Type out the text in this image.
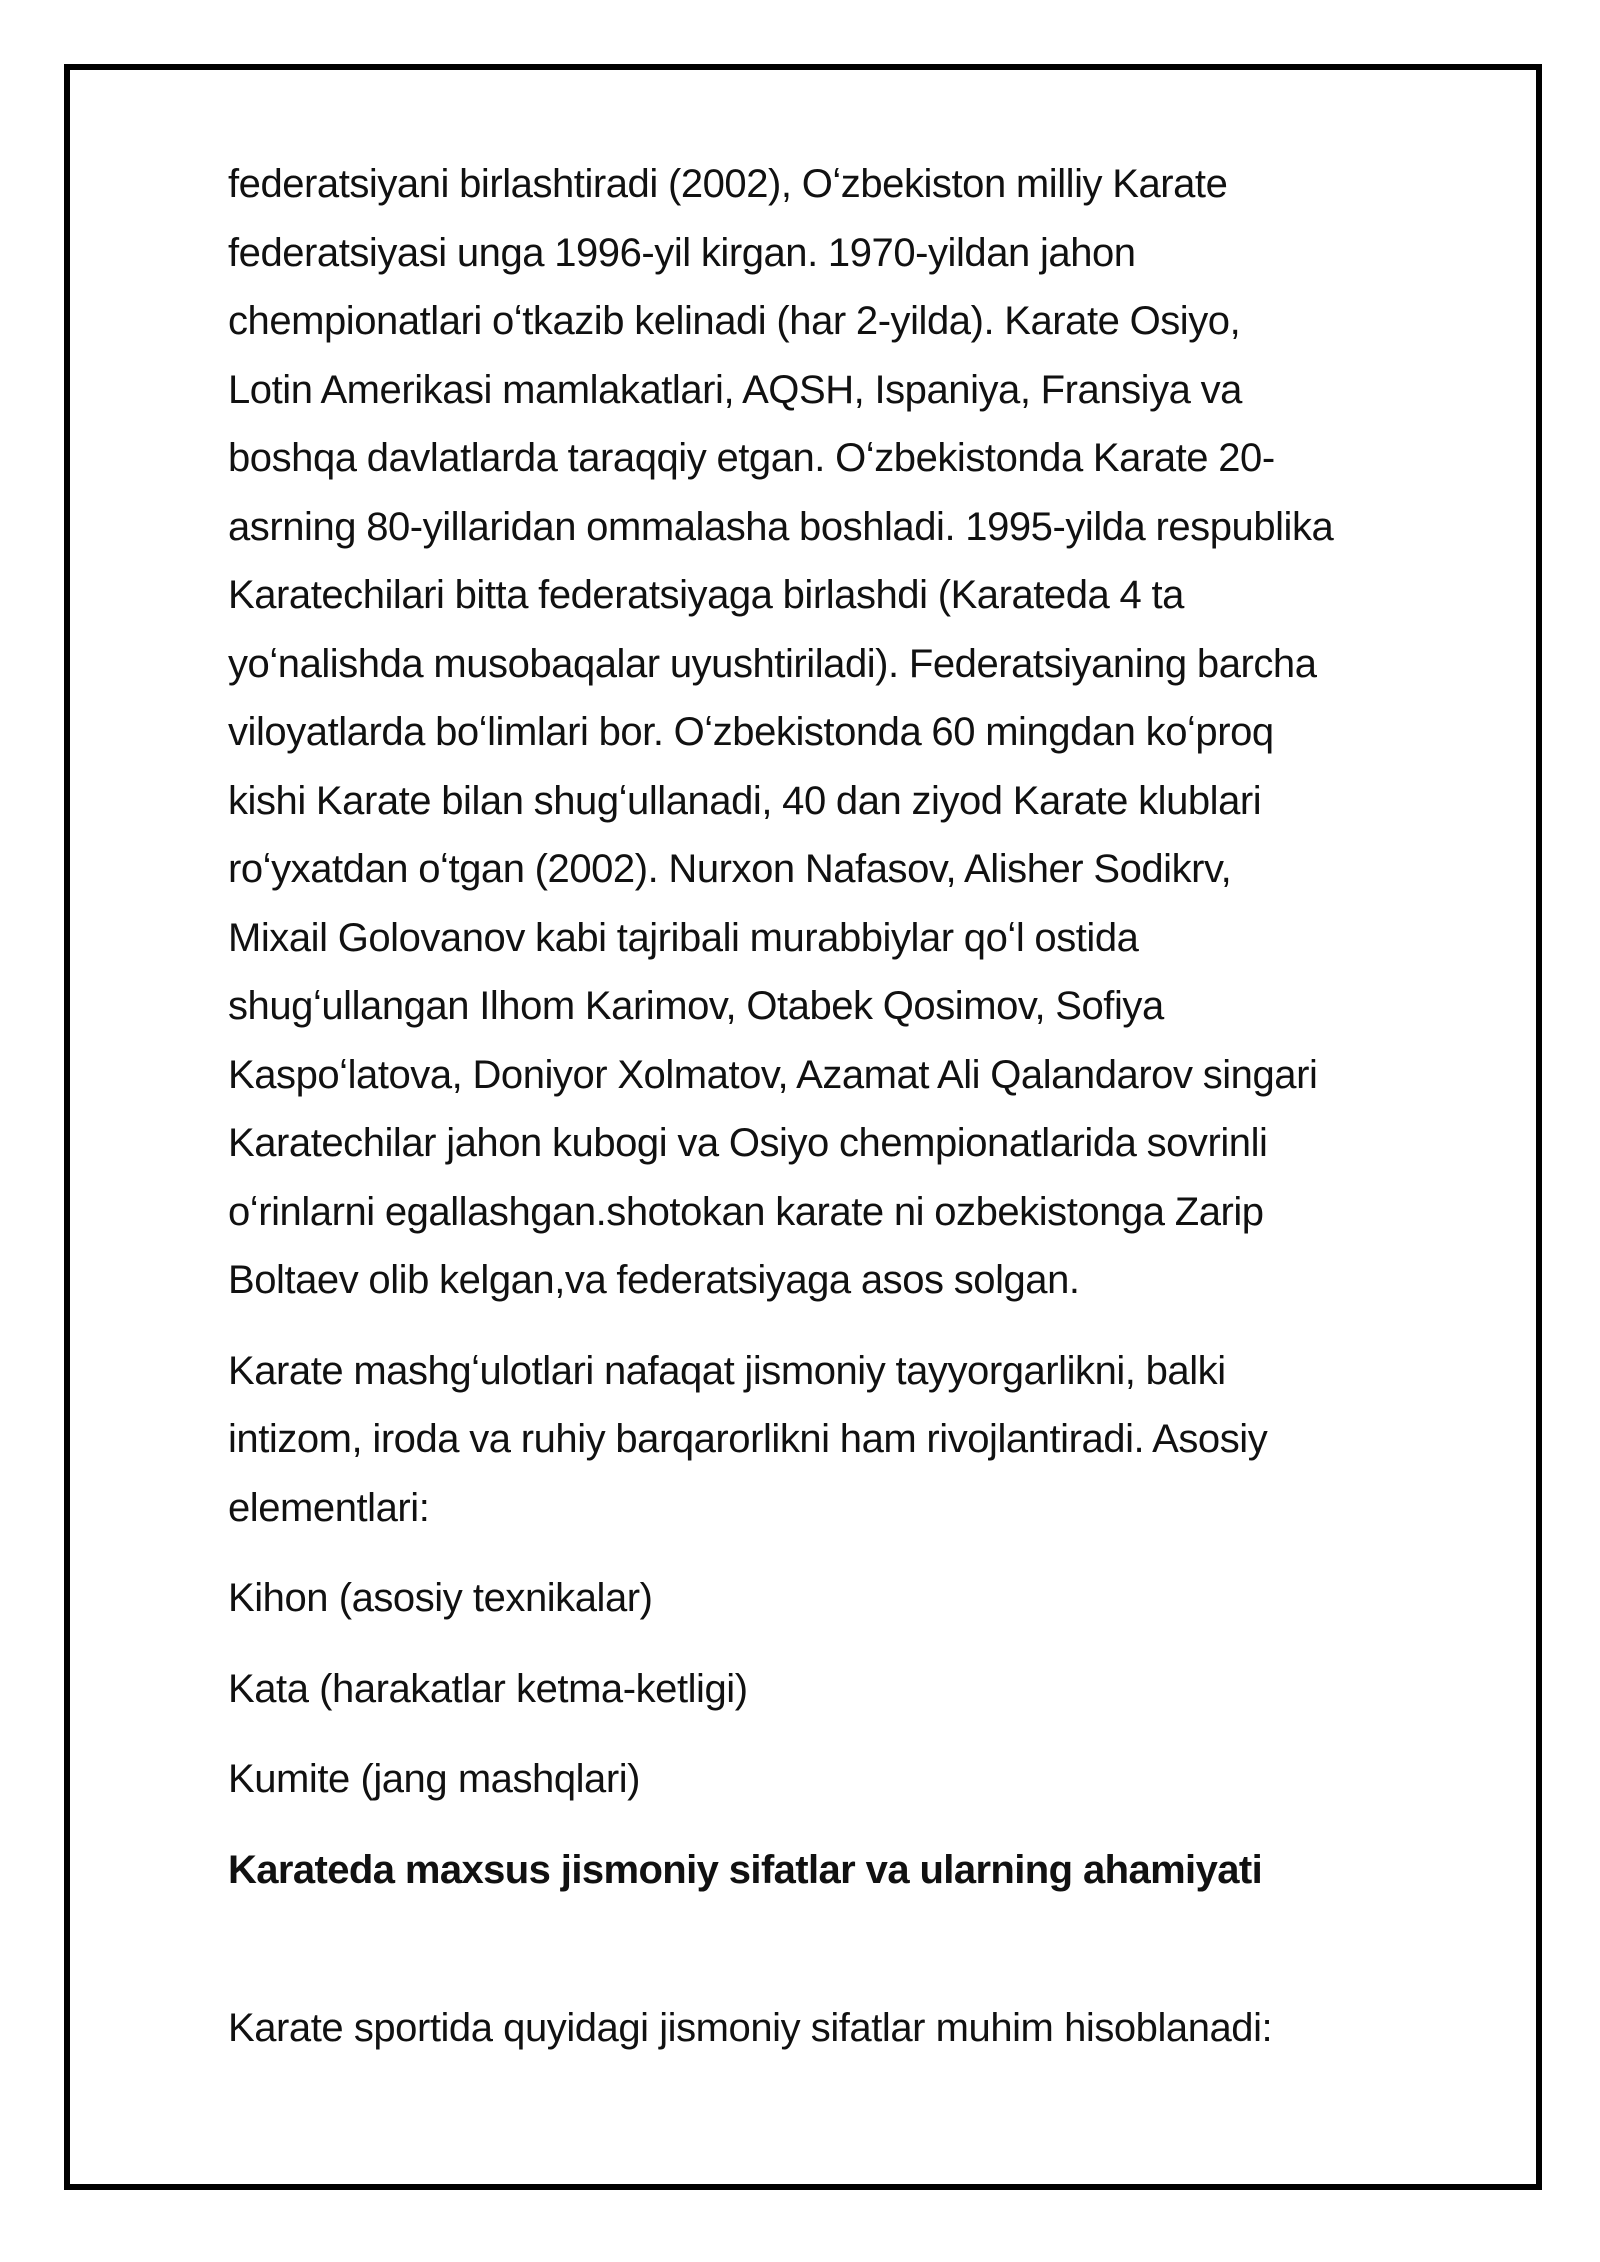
federatsiyani birlashtiradi (2002), Oʻzbekiston milliy Karate
federatsiyasi unga 1996-yil kirgan. 1970-yildan jahon
chempionatlari oʻtkazib kelinadi (har 2-yilda). Karate Osiyo,
Lotin Amerikasi mamlakatlari, AQSH, Ispaniya, Fransiya va
boshqa davlatlarda taraqqiy etgan. Oʻzbekistonda Karate 20-
asrning 80-yillaridan ommalasha boshladi. 1995-yilda respublika
Karatechilari bitta federatsiyaga birlashdi (Karateda 4 ta
yoʻnalishda musobaqalar uyushtiriladi). Federatsiyaning barcha
viloyatlarda boʻlimlari bor. Oʻzbekistonda 60 mingdan koʻproq
kishi Karate bilan shugʻullanadi, 40 dan ziyod Karate klublari
roʻyxatdan oʻtgan (2002). Nurxon Nafasov, Alisher Sodikrv,
Mixail Golovanov kabi tajribali murabbiylar qoʻl ostida
shugʻullangan Ilhom Karimov, Otabek Qosimov, Sofiya
Kaspoʻlatova, Doniyor Xolmatov, Azamat Ali Qalandarov singari
Karatechilar jahon kubogi va Osiyo chempionatlarida sovrinli
oʻrinlarni egallashgan.shotokan karate ni ozbekistonga Zarip
Boltaev olib kelgan,va federatsiyaga asos solgan.

Karate mashgʻulotlari nafaqat jismoniy tayyorgarlikni, balki
intizom, iroda va ruhiy barqarorlikni ham rivojlantiradi. Asosiy
elementlari:

Kihon (asosiy texnikalar)

Kata (harakatlar ketma-ketligi)

Kumite (jang mashqlari)

Karateda maxsus jismoniy sifatlar va ularning ahamiyati

Karate sportida quyidagi jismoniy sifatlar muhim hisoblanadi:
